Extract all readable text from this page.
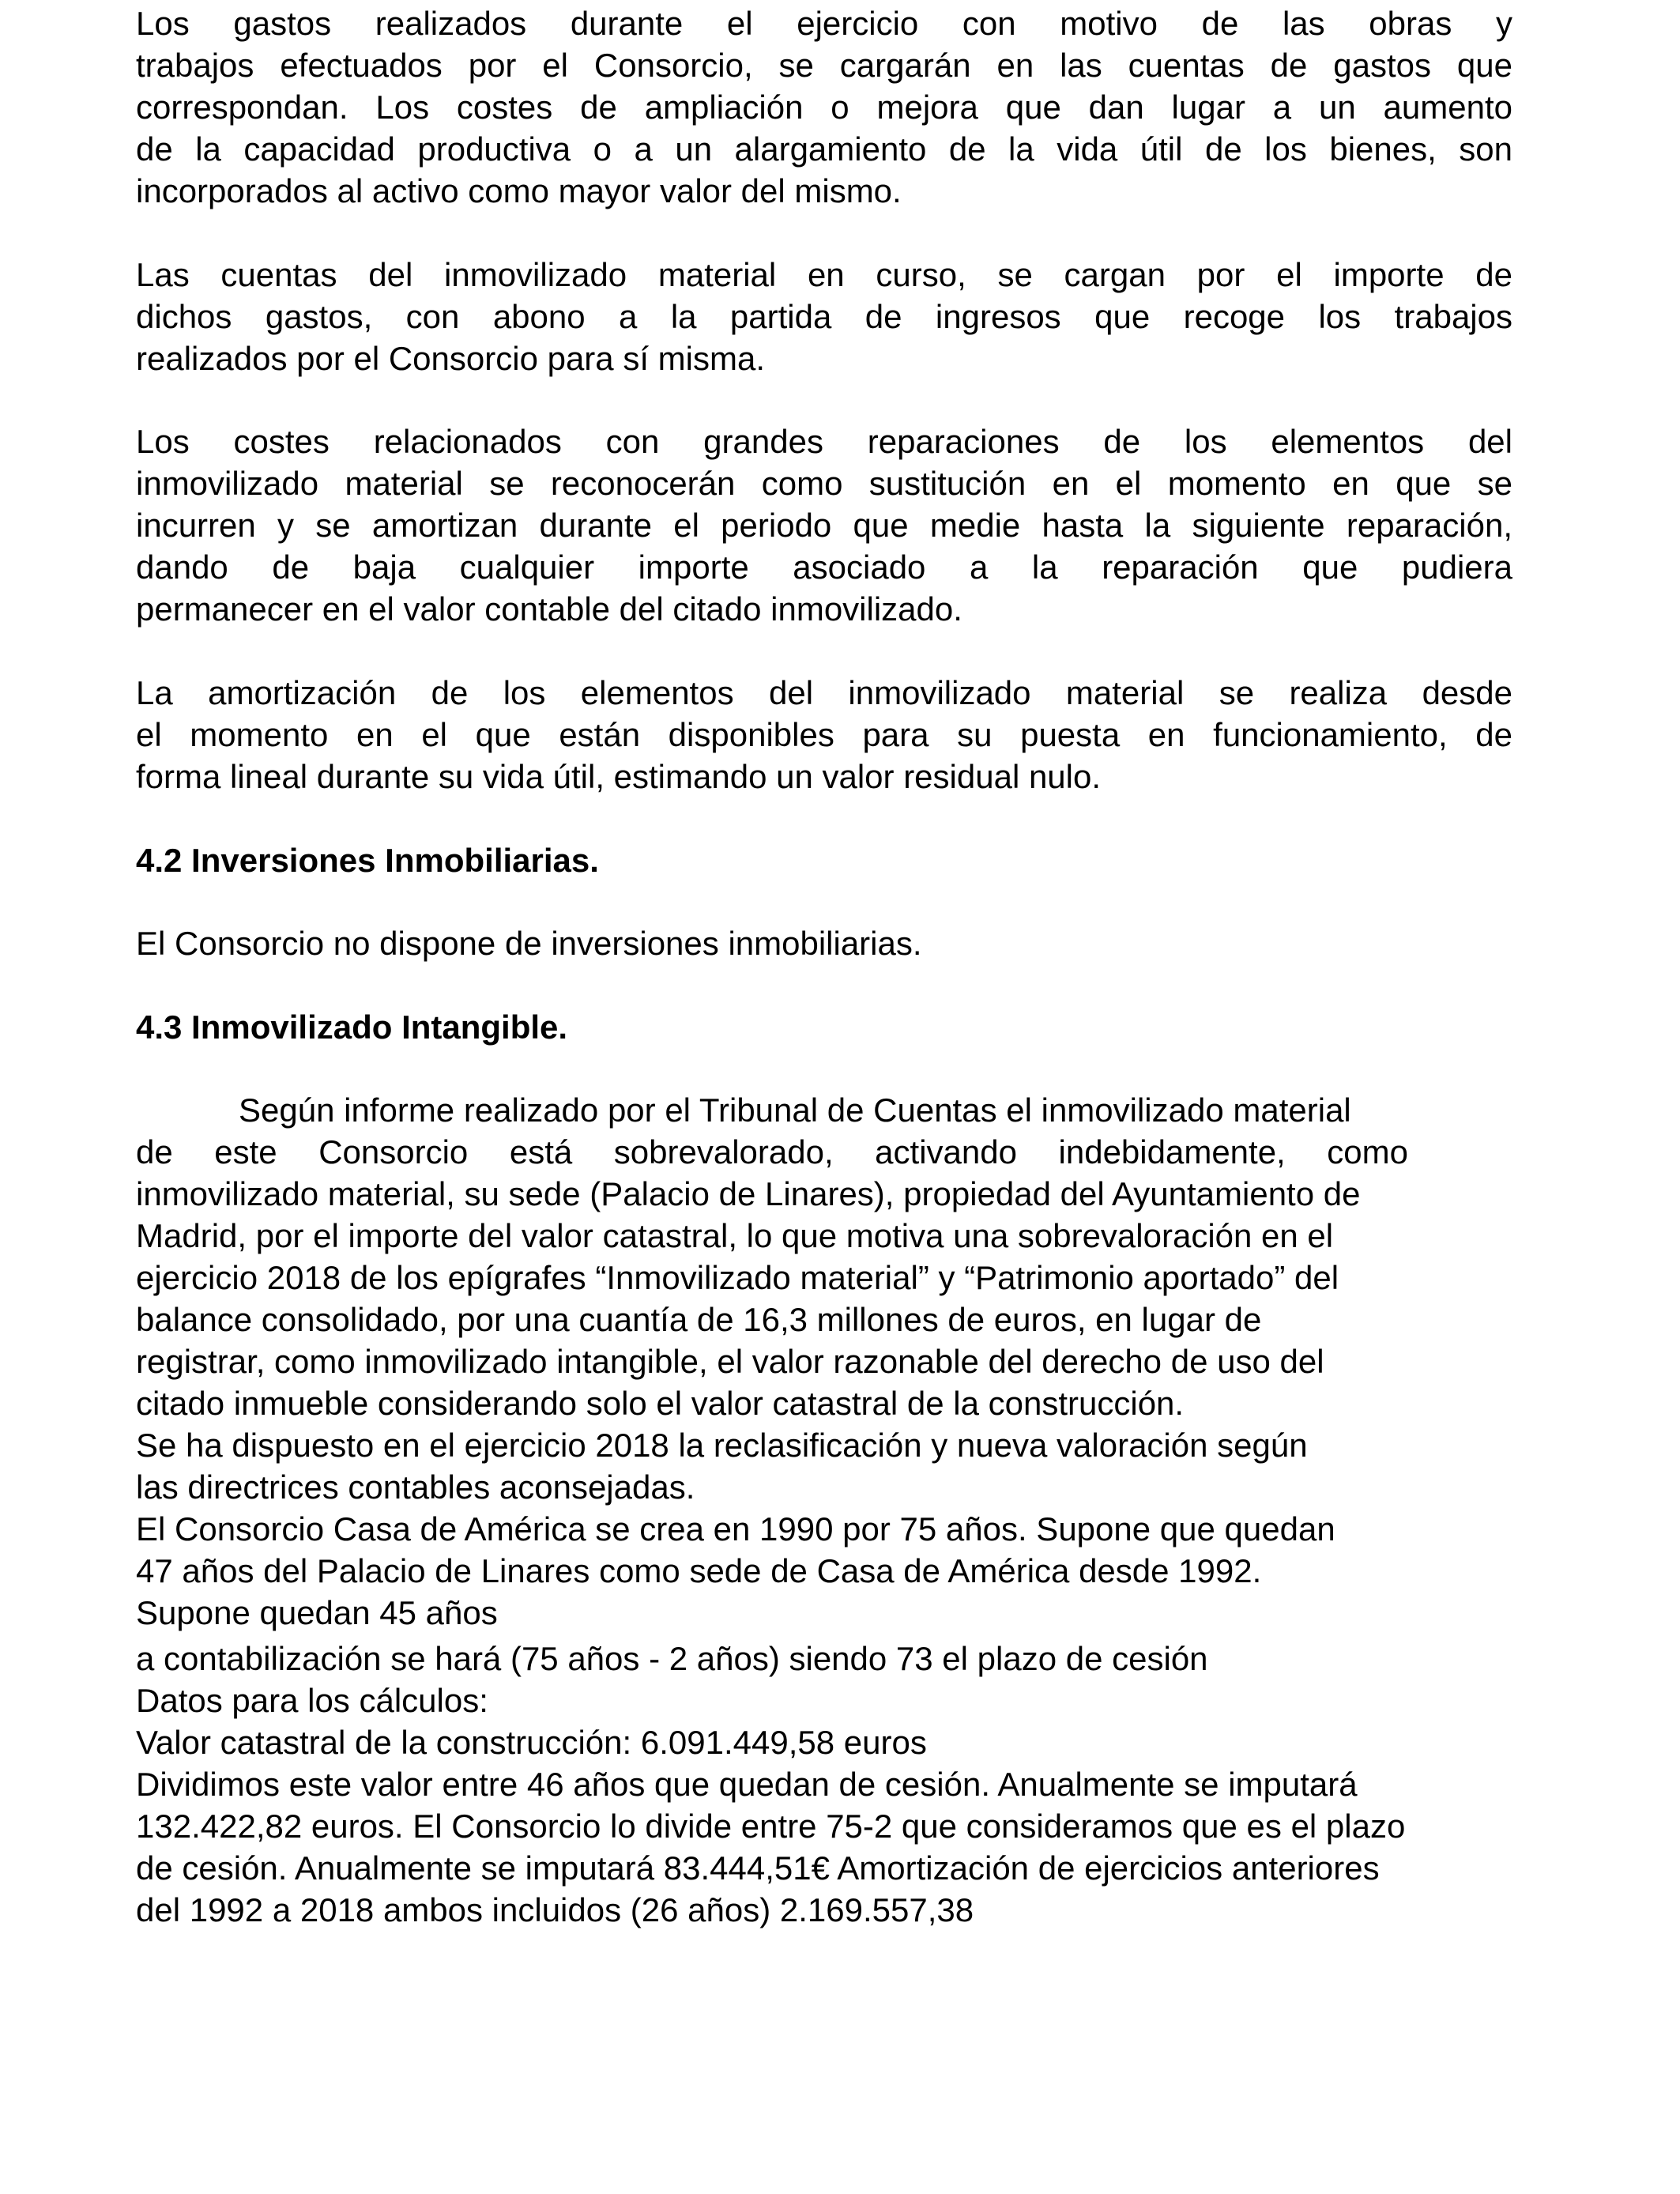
Los gastos realizados durante el ejercicio con motivo de las obras y
trabajos efectuados por el Consorcio, se cargarán en las cuentas de gastos que
correspondan. Los costes de ampliación o mejora que dan lugar a un aumento
de la capacidad productiva o a un alargamiento de la vida útil de los bienes, son
incorporados al activo como mayor valor del mismo.
Las cuentas del inmovilizado material en curso, se cargan por el importe de
dichos gastos, con abono a la partida de ingresos que recoge los trabajos
realizados por el Consorcio para sí misma.
Los costes relacionados con grandes reparaciones de los elementos del
inmovilizado material se reconocerán como sustitución en el momento en que se
incurren y se amortizan durante el periodo que medie hasta la siguiente reparación,
dando de baja cualquier importe asociado a la reparación que pudiera
permanecer en el valor contable del citado inmovilizado.
La amortización de los elementos del inmovilizado material se realiza desde
el momento en el que están disponibles para su puesta en funcionamiento, de
forma lineal durante su vida útil, estimando un valor residual nulo.
4.2 Inversiones Inmobiliarias.
El Consorcio no dispone de inversiones inmobiliarias.
4.3 Inmovilizado Intangible.
Según informe realizado por el Tribunal de Cuentas el inmovilizado material
de este Consorcio está sobrevalorado, activando indebidamente, como
inmovilizado material, su sede (Palacio de Linares), propiedad del Ayuntamiento de
Madrid, por el importe del valor catastral, lo que motiva una sobrevaloración en el
ejercicio 2018 de los epígrafes “Inmovilizado material” y “Patrimonio aportado” del
balance consolidado, por una cuantía de 16,3 millones de euros, en lugar de
registrar, como inmovilizado intangible, el valor razonable del derecho de uso del
citado inmueble considerando solo el valor catastral de la construcción.
Se ha dispuesto en el ejercicio 2018 la reclasificación y nueva valoración según
las directrices contables aconsejadas.
El Consorcio Casa de América se crea en 1990 por 75 años. Supone que quedan
47 años del Palacio de Linares como sede de Casa de América desde 1992.
Supone quedan 45 años
a contabilización se hará (75 años - 2 años) siendo 73 el plazo de cesión
Datos para los cálculos:
Valor catastral de la construcción: 6.091.449,58 euros
Dividimos este valor entre 46 años que quedan de cesión. Anualmente se imputará
132.422,82 euros. El Consorcio lo divide entre 75-2 que consideramos que es el plazo
de cesión. Anualmente se imputará 83.444,51€ Amortización de ejercicios anteriores
del 1992 a 2018 ambos incluidos (26 años) 2.169.557,38
